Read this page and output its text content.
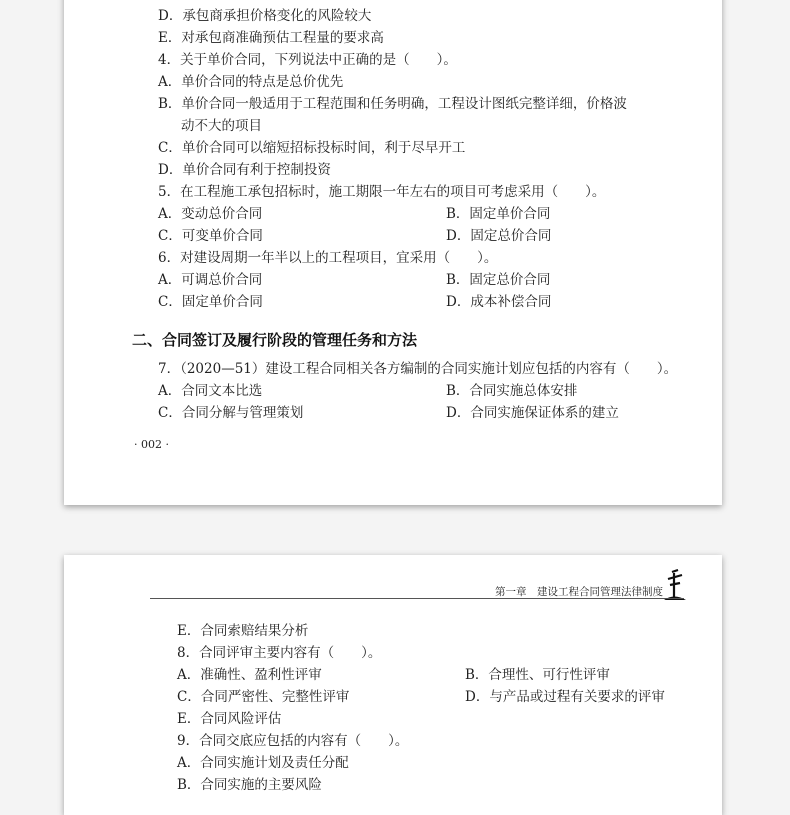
D．承包商承担价格变化的风险较大
E．对承包商准确预估工程量的要求高
4．关于单价合同，下列说法中正确的是（　　）。
A．单价合同的特点是总价优先
B．单价合同一般适用于工程范围和任务明确，工程设计图纸完整详细，价格波
动不大的项目
C．单价合同可以缩短招标投标时间，利于尽早开工
D．单价合同有利于控制投资
5．在工程施工承包招标时，施工期限一年左右的项目可考虑采用（　　）。
A．变动总价合同	B．固定单价合同
C．可变单价合同	D．固定总价合同
6．对建设周期一年半以上的工程项目，宜采用（　　）。
A．可调总价合同	B．固定总价合同
C．固定单价合同	D．成本补偿合同
二、合同签订及履行阶段的管理任务和方法
7．（2020—51）建设工程合同相关各方编制的合同实施计划应包括的内容有（　　）。
A．合同文本比选	B．合同实施总体安排
C．合同分解与管理策划	D．合同实施保证体系的建立
· 002 ·
第一章　建设工程合同管理法律制度
E．合同索赔结果分析
8．合同评审主要内容有（　　）。
A．准确性、盈利性评审	B．合理性、可行性评审
C．合同严密性、完整性评审	D．与产品或过程有关要求的评审
E．合同风险评估
9．合同交底应包括的内容有（　　）。
A．合同实施计划及责任分配
B．合同实施的主要风险
